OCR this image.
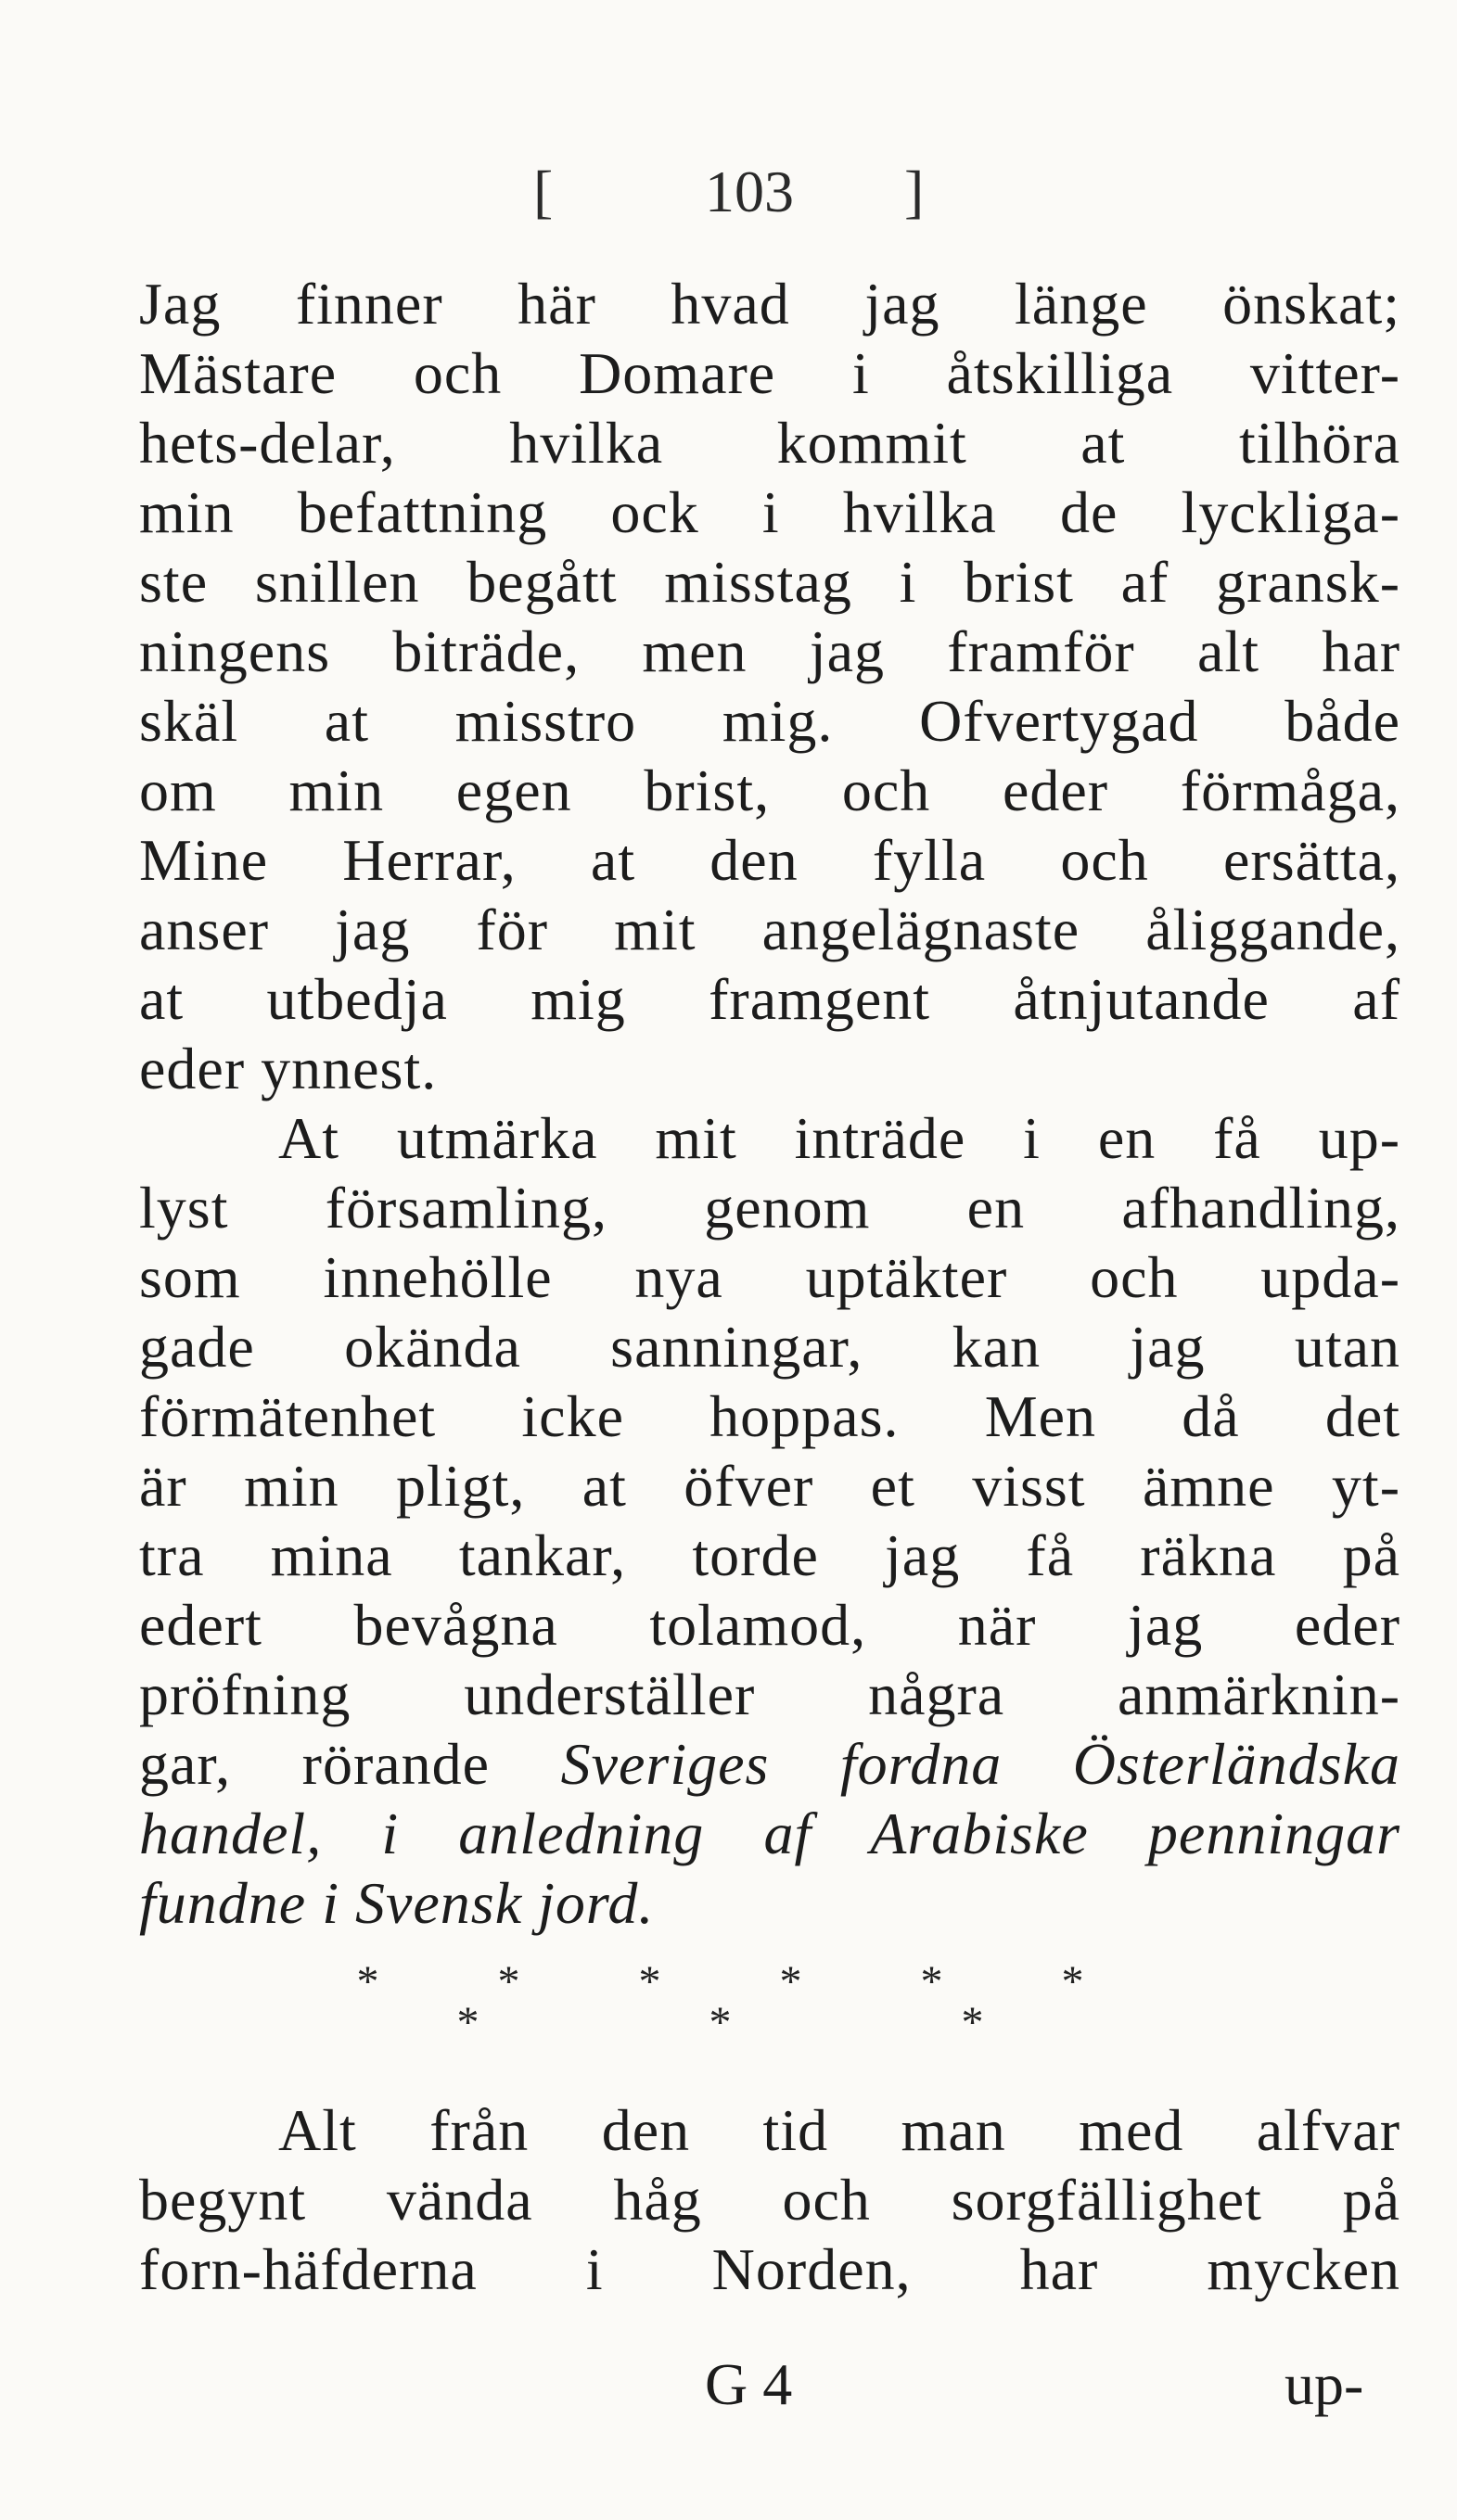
[	103 ]
Jag finner här hvad jag länge önskat;
Mästare och Domare i åtskilliga vitter-
hets-delar, hvilka kommit at tilhöra
min befattning ock i hvilka de lyckliga-
ste snillen begått misstag i brist af gransk-
ningens biträde, men jag framför alt har
skäl at misstro mig. Ofvertygad både
om min egen brist, och eder förmåga,
Mine Herrar, at den fylla och ersätta,
anser jag för mit angelägnaste åliggande,
at utbedja mig framgent åtnjutande af
eder ynnest.
At utmärka mit inträde i en få up-
lyst församling, genom en afhandling,
som innehölle nya uptäkter och upda-
gade okända sanningar, kan jag utan
förmätenhet icke hoppas. Men då det
är min pligt, at öfver et visst ämne yt-
tra mina tankar, torde jag få räkna på
edert bevågna tolamod, när jag eder
pröfning underställer några anmärknin-
gar, rörande Sveriges fordna Österländska
handel, i anledning af Arabiske penningar
fundne i Svensk jord.
* * * * * *
* * *
Alt från den tid man med alfvar
begynt vända håg och sorgfällighet på
forn-häfderna i Norden, har mycken
G 4	up-
